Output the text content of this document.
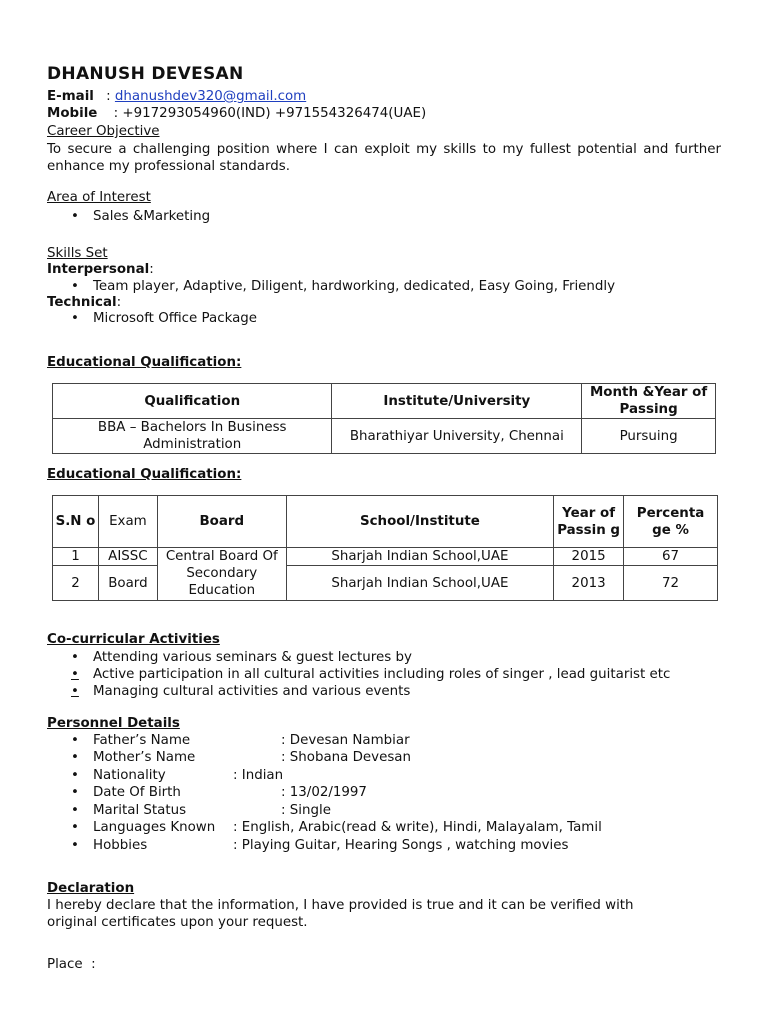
DHANUSH DEVESAN
E-mail : dhanushdev320@gmail.com
Mobile : +917293054960(IND) +971554326474(UAE)
Career Objective
To secure a challenging position where I can exploit my skills to my fullest potential and further enhance my professional standards.
Area of Interest
• Sales &Marketing
Skills Set
Interpersonal:
• Team player, Adaptive, Diligent, hardworking, dedicated, Easy Going, Friendly
Technical:
• Microsoft Office Package
Educational Qualification:
Qualification	Institute/University	Month &Year of Passing
BBA – Bachelors In Business Administration	Bharathiyar University, Chennai	Pursuing
Educational Qualification:
S.N o	Exam	Board	School/Institute	Year of Passin g	Percenta ge %
1	AISSC	Central Board Of Secondary Education	Sharjah Indian School,UAE	2015	67
2	Board		Sharjah Indian School,UAE	2013	72
Co-curricular Activities
• Attending various seminars & guest lectures by
• Active participation in all cultural activities including roles of singer , lead guitarist etc
• Managing cultural activities and various events
Personnel Details
• Father’s Name	: Devesan Nambiar
• Mother’s Name	: Shobana Devesan
• Nationality	: Indian
• Date Of Birth	: 13/02/1997
• Marital Status	: Single
• Languages Known : English, Arabic(read & write), Hindi, Malayalam, Tamil
• Hobbies	: Playing Guitar, Hearing Songs , watching movies
Declaration
I hereby declare that the information, I have provided is true and it can be verified with original certificates upon your request.
Place  :
